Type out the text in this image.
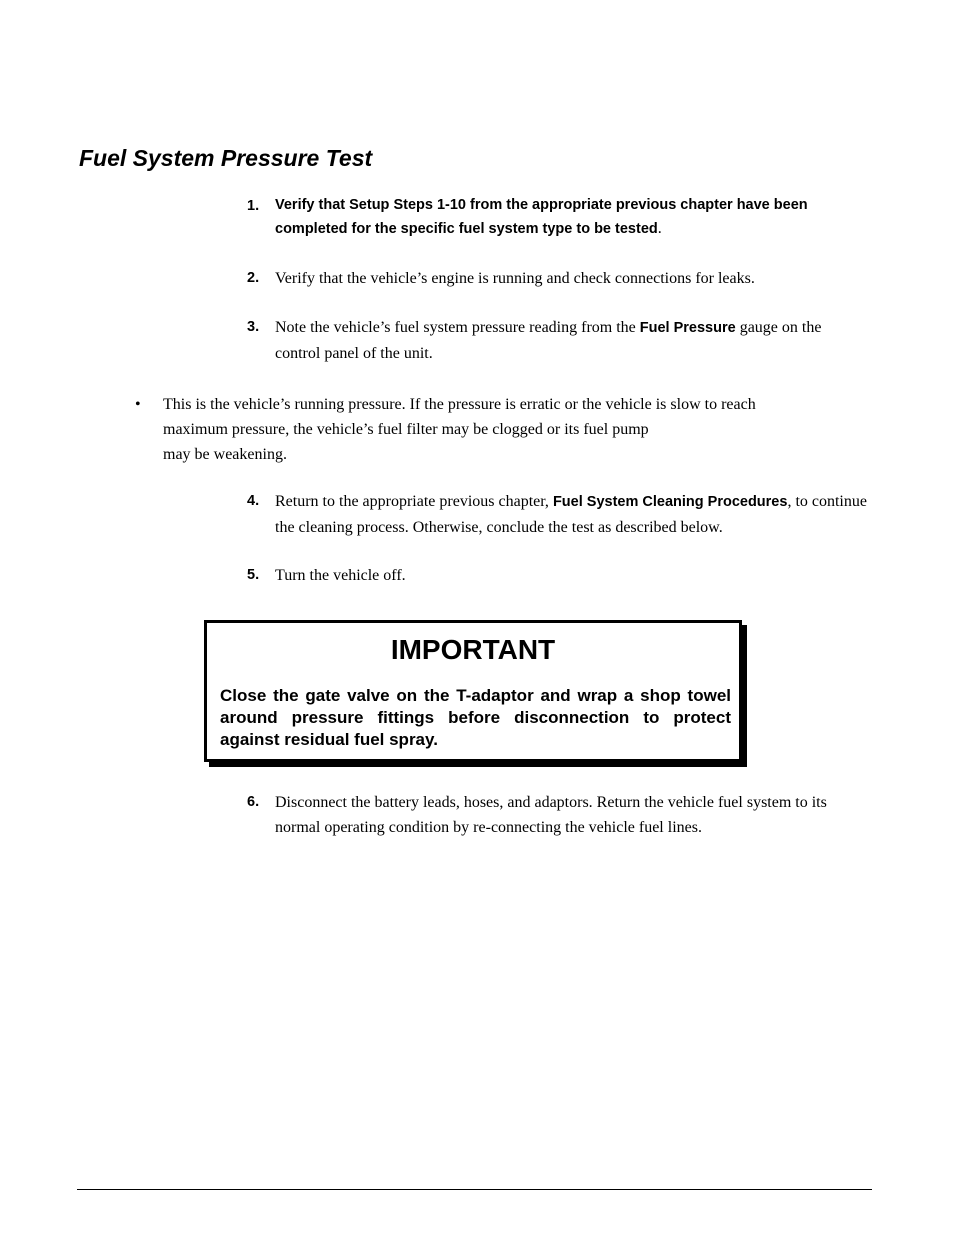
Fuel System Pressure Test
1. Verify that Setup Steps 1-10 from the appropriate previous chapter have been completed for the specific fuel system type to be tested.
2. Verify that the vehicle’s engine is running and check connections for leaks.
3. Note the vehicle’s fuel system pressure reading from the Fuel Pressure gauge on the control panel of the unit.
• This is the vehicle’s running pressure. If the pressure is erratic or the vehicle is slow to reach
maximum pressure, the vehicle’s fuel filter may be clogged or its fuel pump
may be weakening.
4. Return to the appropriate previous chapter, Fuel System Cleaning Procedures, to continue the cleaning process. Otherwise, conclude the test as described below.
5. Turn the vehicle off.
IMPORTANT
Close the gate valve on the T-adaptor and wrap a shop towel around pressure fittings before disconnection to protect against residual fuel spray.
6. Disconnect the battery leads, hoses, and adaptors. Return the vehicle fuel system to its normal operating condition by re-connecting the vehicle fuel lines.
